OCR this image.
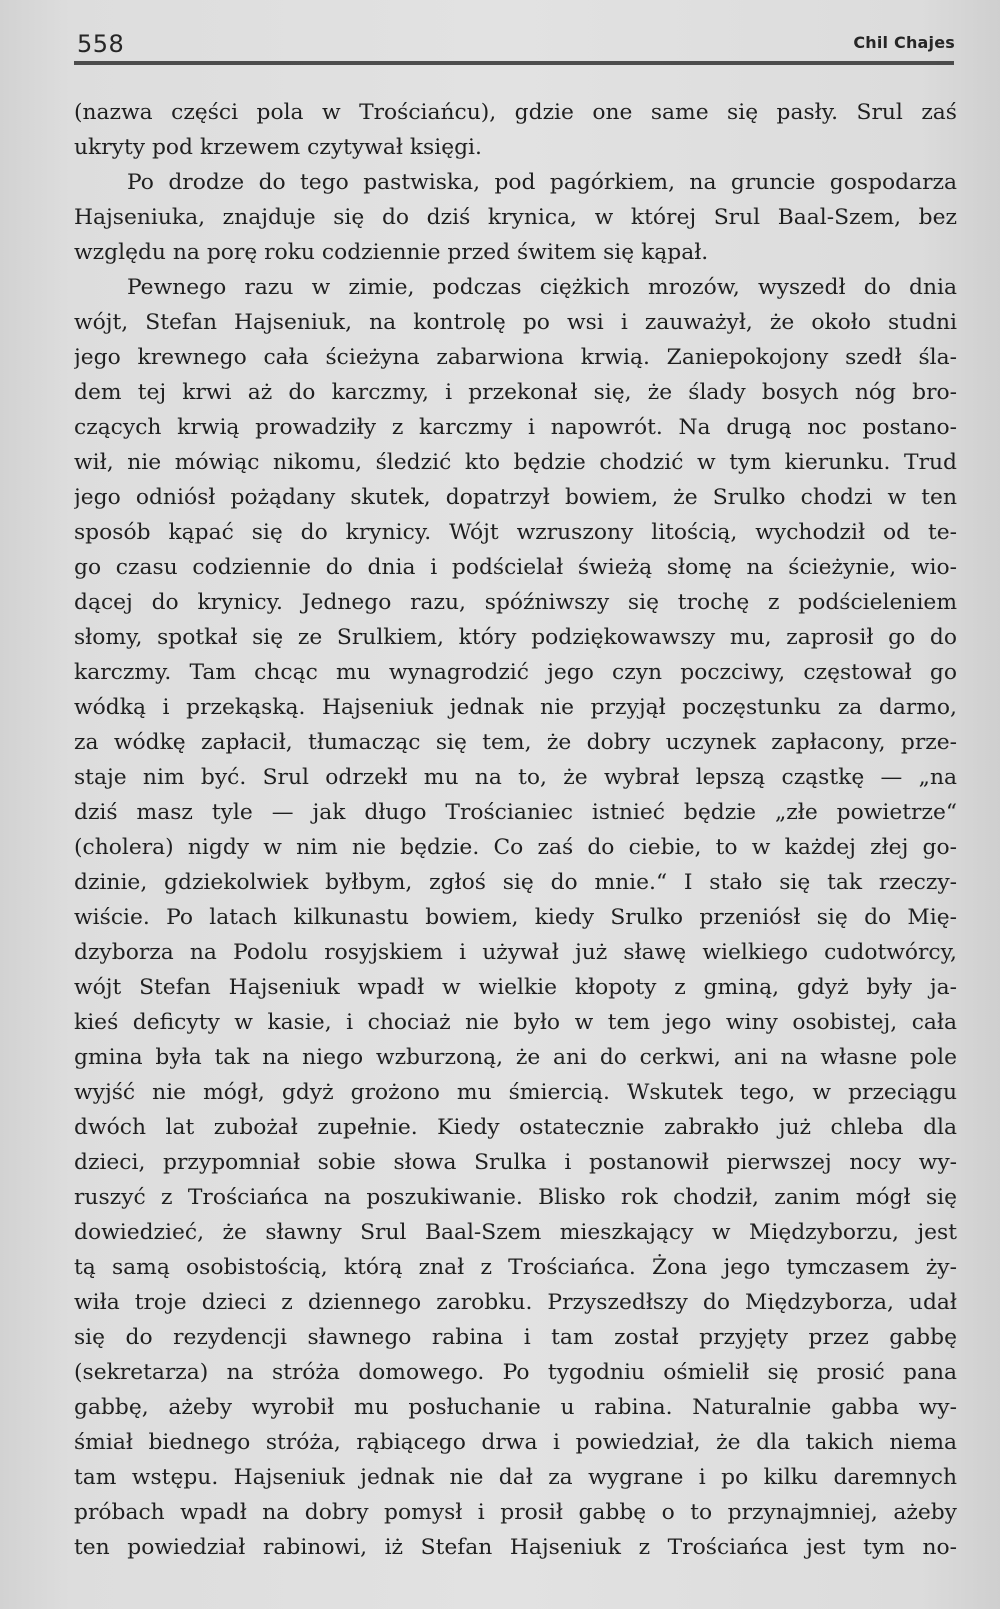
558	Chil Chajes
(nazwa części pola w Trościańcu), gdzie one same się pasły. Srul zaś
ukryty pod krzewem czytywał księgi.
Po drodze do tego pastwiska, pod pagórkiem, na gruncie gospodarza
Hajseniuka, znajduje się do dziś krynica, w której Srul Baal-Szem, bez
względu na porę roku codziennie przed świtem się kąpał.
Pewnego razu w zimie, podczas ciężkich mrozów, wyszedł do dnia
wójt, Stefan Hajseniuk, na kontrolę po wsi i zauważył, że około studni
jego krewnego cała ścieżyna zabarwiona krwią. Zaniepokojony szedł śla-
dem tej krwi aż do karczmy, i przekonał się, że ślady bosych nóg bro-
czących krwią prowadziły z karczmy i napowrót. Na drugą noc postano-
wił, nie mówiąc nikomu, śledzić kto będzie chodzić w tym kierunku. Trud
jego odniósł pożądany skutek, dopatrzył bowiem, że Srulko chodzi w ten
sposób kąpać się do krynicy. Wójt wzruszony litością, wychodził od te-
go czasu codziennie do dnia i podścielał świeżą słomę na ścieżynie, wio-
dącej do krynicy. Jednego razu, spóźniwszy się trochę z podścieleniem
słomy, spotkał się ze Srulkiem, który podziękowawszy mu, zaprosił go do
karczmy. Tam chcąc mu wynagrodzić jego czyn poczciwy, częstował go
wódką i przekąską. Hajseniuk jednak nie przyjął poczęstunku za darmo,
za wódkę zapłacił, tłumacząc się tem, że dobry uczynek zapłacony, prze-
staje nim być. Srul odrzekł mu na to, że wybrał lepszą cząstkę — „na
dziś masz tyle — jak długo Trościaniec istnieć będzie „złe powietrze“
(cholera) nigdy w nim nie będzie. Co zaś do ciebie, to w każdej złej go-
dzinie, gdziekolwiek byłbym, zgłoś się do mnie.“ I stało się tak rzeczy-
wiście. Po latach kilkunastu bowiem, kiedy Srulko przeniósł się do Mię-
dzyborza na Podolu rosyjskiem i używał już sławę wielkiego cudotwórcy,
wójt Stefan Hajseniuk wpadł w wielkie kłopoty z gminą, gdyż były ja-
kieś deficyty w kasie, i chociaż nie było w tem jego winy osobistej, cała
gmina była tak na niego wzburzoną, że ani do cerkwi, ani na własne pole
wyjść nie mógł, gdyż grożono mu śmiercią. Wskutek tego, w przeciągu
dwóch lat zubożał zupełnie. Kiedy ostatecznie zabrakło już chleba dla
dzieci, przypomniał sobie słowa Srulka i postanowił pierwszej nocy wy-
ruszyć z Trościańca na poszukiwanie. Blisko rok chodził, zanim mógł się
dowiedzieć, że sławny Srul Baal-Szem mieszkający w Międzyborzu, jest
tą samą osobistością, którą znał z Trościańca. Żona jego tymczasem ży-
wiła troje dzieci z dziennego zarobku. Przyszedłszy do Międzyborza, udał
się do rezydencji sławnego rabina i tam został przyjęty przez gabbę
(sekretarza) na stróża domowego. Po tygodniu ośmielił się prosić pana
gabbę, ażeby wyrobił mu posłuchanie u rabina. Naturalnie gabba wy-
śmiał biednego stróża, rąbiącego drwa i powiedział, że dla takich niema
tam wstępu. Hajseniuk jednak nie dał za wygrane i po kilku daremnych
próbach wpadł na dobry pomysł i prosił gabbę o to przynajmniej, ażeby
ten powiedział rabinowi, iż Stefan Hajseniuk z Trościańca jest tym no-
